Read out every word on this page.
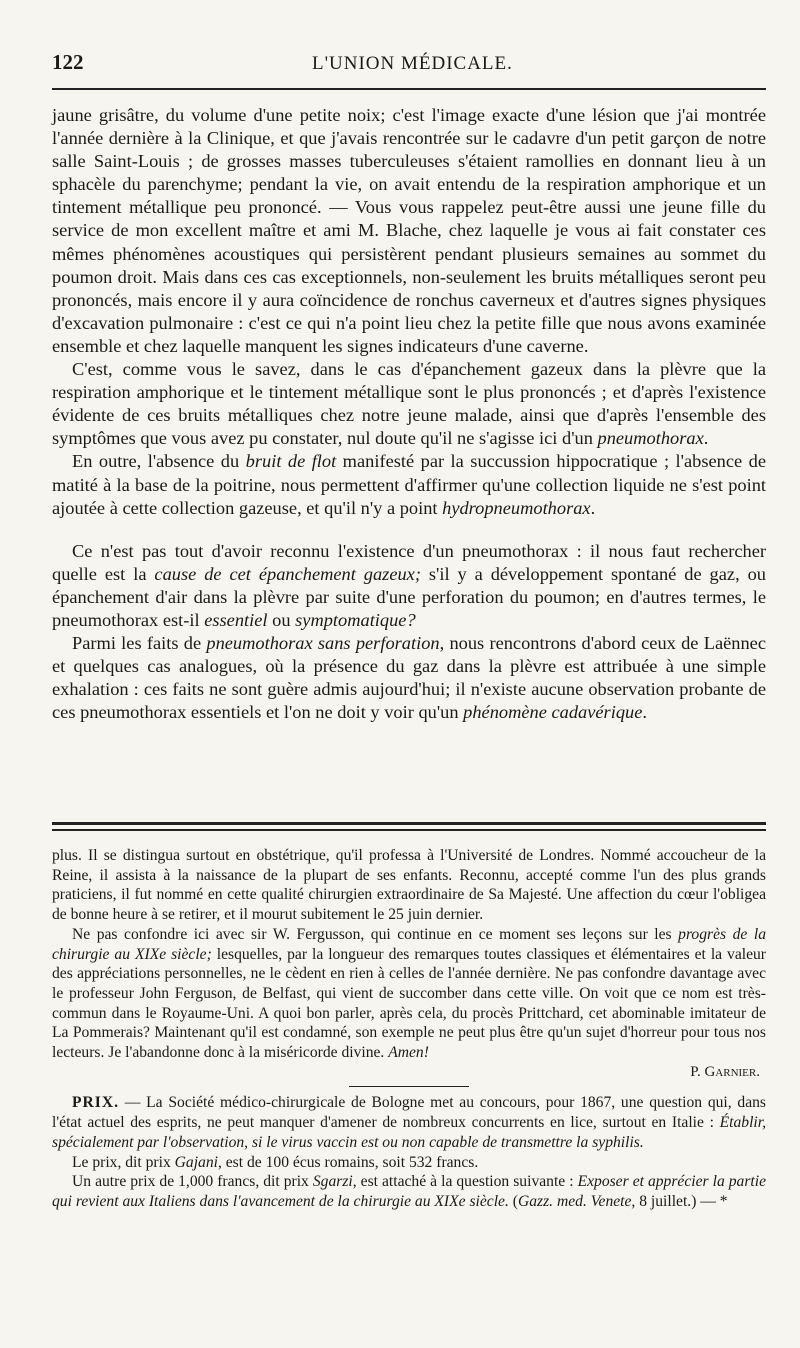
122	L'UNION MÉDICALE.

jaune grisâtre, du volume d'une petite noix; c'est l'image exacte d'une lésion que j'ai montrée l'année dernière à la Clinique, et que j'avais rencontrée sur le cadavre d'un petit garçon de notre salle Saint-Louis ; de grosses masses tuberculeuses s'étaient ramollies en donnant lieu à un sphacèle du parenchyme; pendant la vie, on avait entendu de la respiration amphorique et un tintement métallique peu prononcé. — Vous vous rappelez peut-être aussi une jeune fille du service de mon excellent maître et ami M. Blache, chez laquelle je vous ai fait constater ces mêmes phénomènes acoustiques qui persistèrent pendant plusieurs semaines au sommet du poumon droit. Mais dans ces cas exceptionnels, non-seulement les bruits métalliques seront peu prononcés, mais encore il y aura coïncidence de ronchus caverneux et d'autres signes physiques d'excavation pulmonaire : c'est ce qui n'a point lieu chez la petite fille que nous avons examinée ensemble et chez laquelle manquent les signes indicateurs d'une caverne.

C'est, comme vous le savez, dans le cas d'épanchement gazeux dans la plèvre que la respiration amphorique et le tintement métallique sont le plus prononcés ; et d'après l'existence évidente de ces bruits métalliques chez notre jeune malade, ainsi que d'après l'ensemble des symptômes que vous avez pu constater, nul doute qu'il ne s'agisse ici d'un pneumothorax.

En outre, l'absence du bruit de flot manifesté par la succussion hippocratique ; l'absence de matité à la base de la poitrine, nous permettent d'affirmer qu'une collection liquide ne s'est point ajoutée à cette collection gazeuse, et qu'il n'y a point hydropneumothorax.

Ce n'est pas tout d'avoir reconnu l'existence d'un pneumothorax : il nous faut rechercher quelle est la cause de cet épanchement gazeux; s'il y a développement spontané de gaz, ou épanchement d'air dans la plèvre par suite d'une perforation du poumon; en d'autres termes, le pneumothorax est-il essentiel ou symptomatique?

Parmi les faits de pneumothorax sans perforation, nous rencontrons d'abord ceux de Laënnec et quelques cas analogues, où la présence du gaz dans la plèvre est attribuée à une simple exhalation : ces faits ne sont guère admis aujourd'hui; il n'existe aucune observation probante de ces pneumothorax essentiels et l'on ne doit y voir qu'un phénomène cadavérique.

plus. Il se distingua surtout en obstétrique, qu'il professa à l'Université de Londres. Nommé accoucheur de la Reine, il assista à la naissance de la plupart de ses enfants. Reconnu, accepté comme l'un des plus grands praticiens, il fut nommé en cette qualité chirurgien extraordinaire de Sa Majesté. Une affection du cœur l'obligea de bonne heure à se retirer, et il mourut subitement le 25 juin dernier.

Ne pas confondre ici avec sir W. Fergusson, qui continue en ce moment ses leçons sur les progrès de la chirurgie au XIXe siècle; lesquelles, par la longueur des remarques toutes classiques et élémentaires et la valeur des appréciations personnelles, ne le cèdent en rien à celles de l'année dernière. Ne pas confondre davantage avec le professeur John Ferguson, de Belfast, qui vient de succomber dans cette ville. On voit que ce nom est très-commun dans le Royaume-Uni. A quoi bon parler, après cela, du procès Prittchard, cet abominable imitateur de La Pommerais? Maintenant qu'il est condamné, son exemple ne peut plus être qu'un sujet d'horreur pour tous nos lecteurs. Je l'abandonne donc à la miséricorde divine. Amen!

P. Garnier.

PRIX. — La Société médico-chirurgicale de Bologne met au concours, pour 1867, une question qui, dans l'état actuel des esprits, ne peut manquer d'amener de nombreux concurrents en lice, surtout en Italie : Établir, spécialement par l'observation, si le virus vaccin est ou non capable de transmettre la syphilis.

Le prix, dit prix Gajani, est de 100 écus romains, soit 532 francs.

Un autre prix de 1,000 francs, dit prix Sgarzi, est attaché à la question suivante : Exposer et apprécier la partie qui revient aux Italiens dans l'avancement de la chirurgie au XIXe siècle. (Gazz. med. Venete, 8 juillet.) — *
